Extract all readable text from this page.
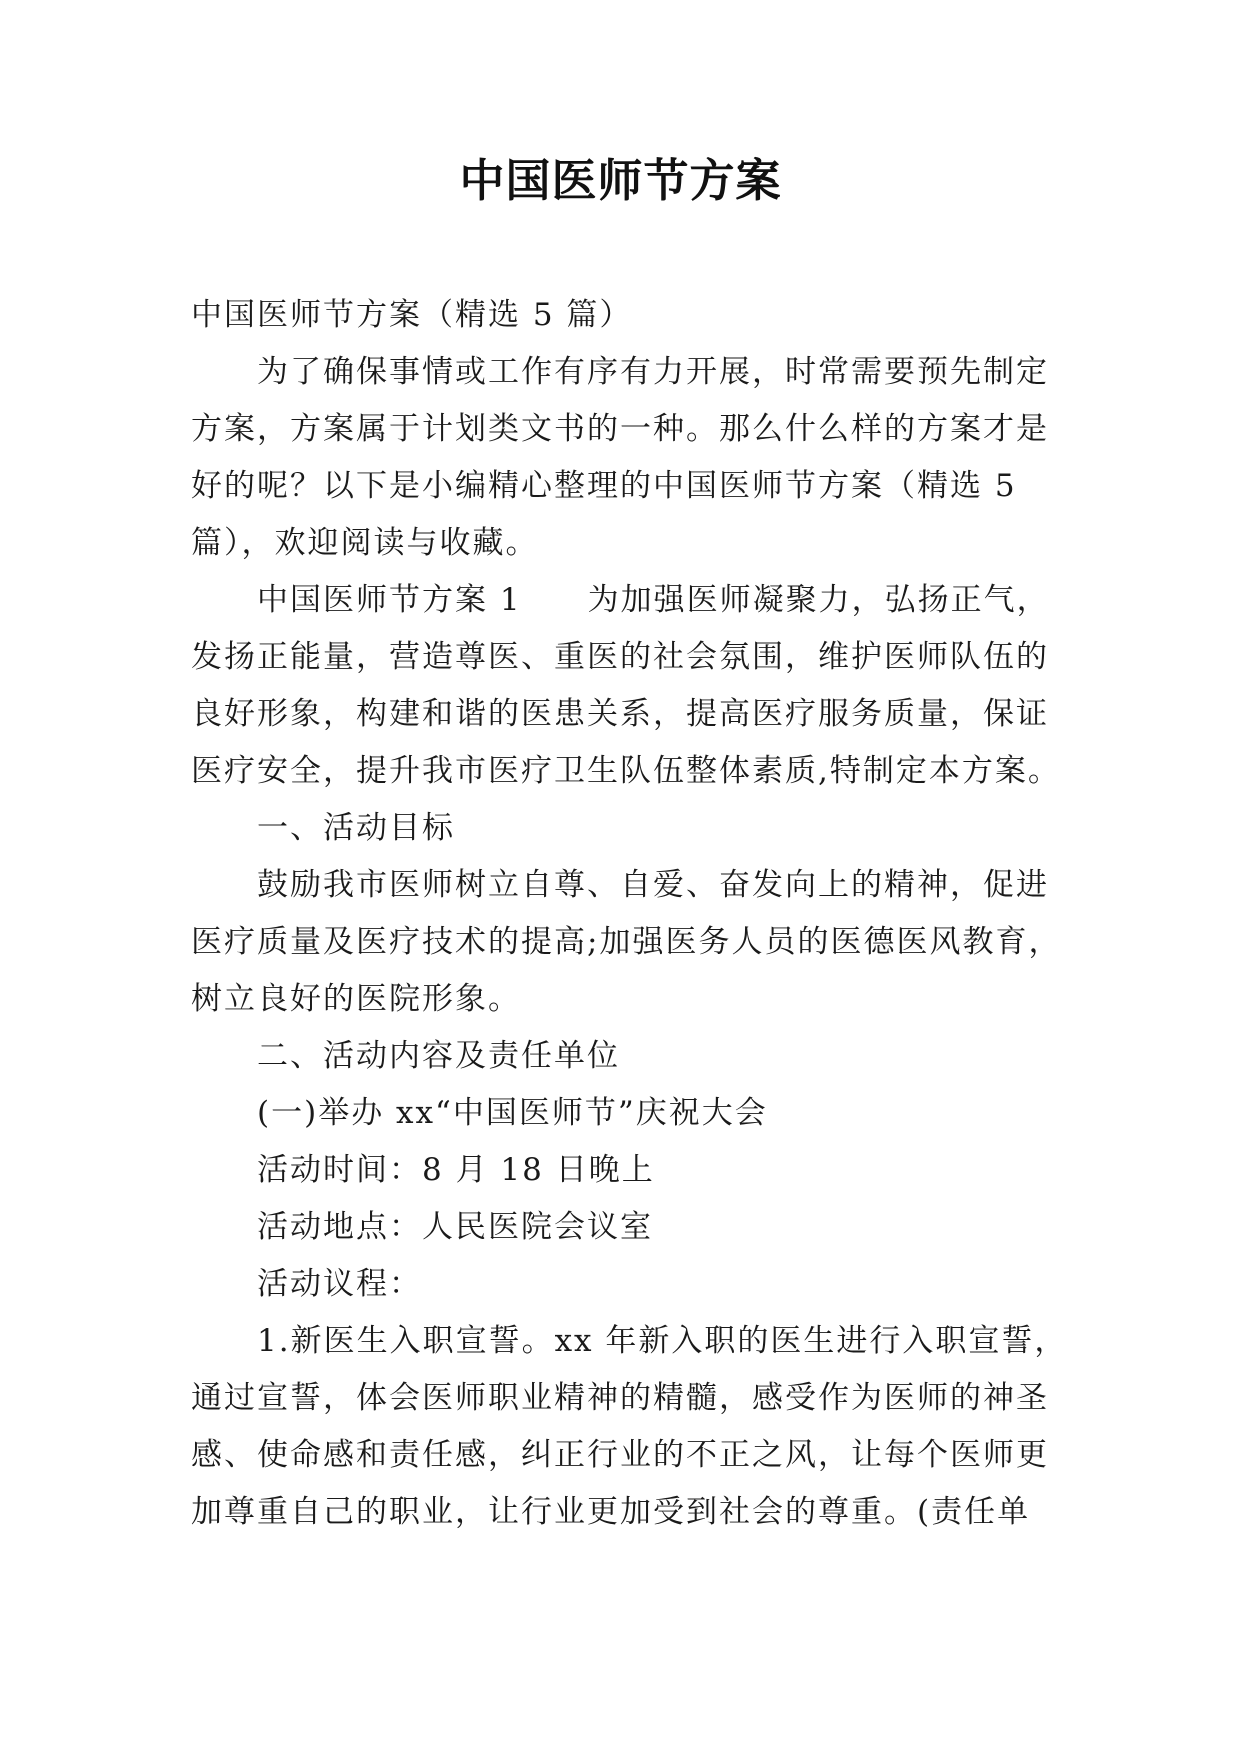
中国医师节方案
中国医师节方案（精选 5 篇）
为了确保事情或工作有序有力开展，时常需要预先制定
方案，方案属于计划类文书的一种。那么什么样的方案才是
好的呢？以下是小编精心整理的中国医师节方案（精选 5
篇），欢迎阅读与收藏。
中国医师节方案 1　　为加强医师凝聚力，弘扬正气，
发扬正能量，营造尊医、重医的社会氛围，维护医师队伍的
良好形象，构建和谐的医患关系，提高医疗服务质量，保证
医疗安全，提升我市医疗卫生队伍整体素质,特制定本方案。
一、活动目标
鼓励我市医师树立自尊、自爱、奋发向上的精神，促进
医疗质量及医疗技术的提高;加强医务人员的医德医风教育，
树立良好的医院形象。
二、活动内容及责任单位
(一)举办 xx“中国医师节”庆祝大会
活动时间：8 月 18 日晚上
活动地点：人民医院会议室
活动议程：
1.新医生入职宣誓。xx 年新入职的医生进行入职宣誓，
通过宣誓，体会医师职业精神的精髓，感受作为医师的神圣
感、使命感和责任感，纠正行业的不正之风，让每个医师更
加尊重自己的职业，让行业更加受到社会的尊重。(责任单
